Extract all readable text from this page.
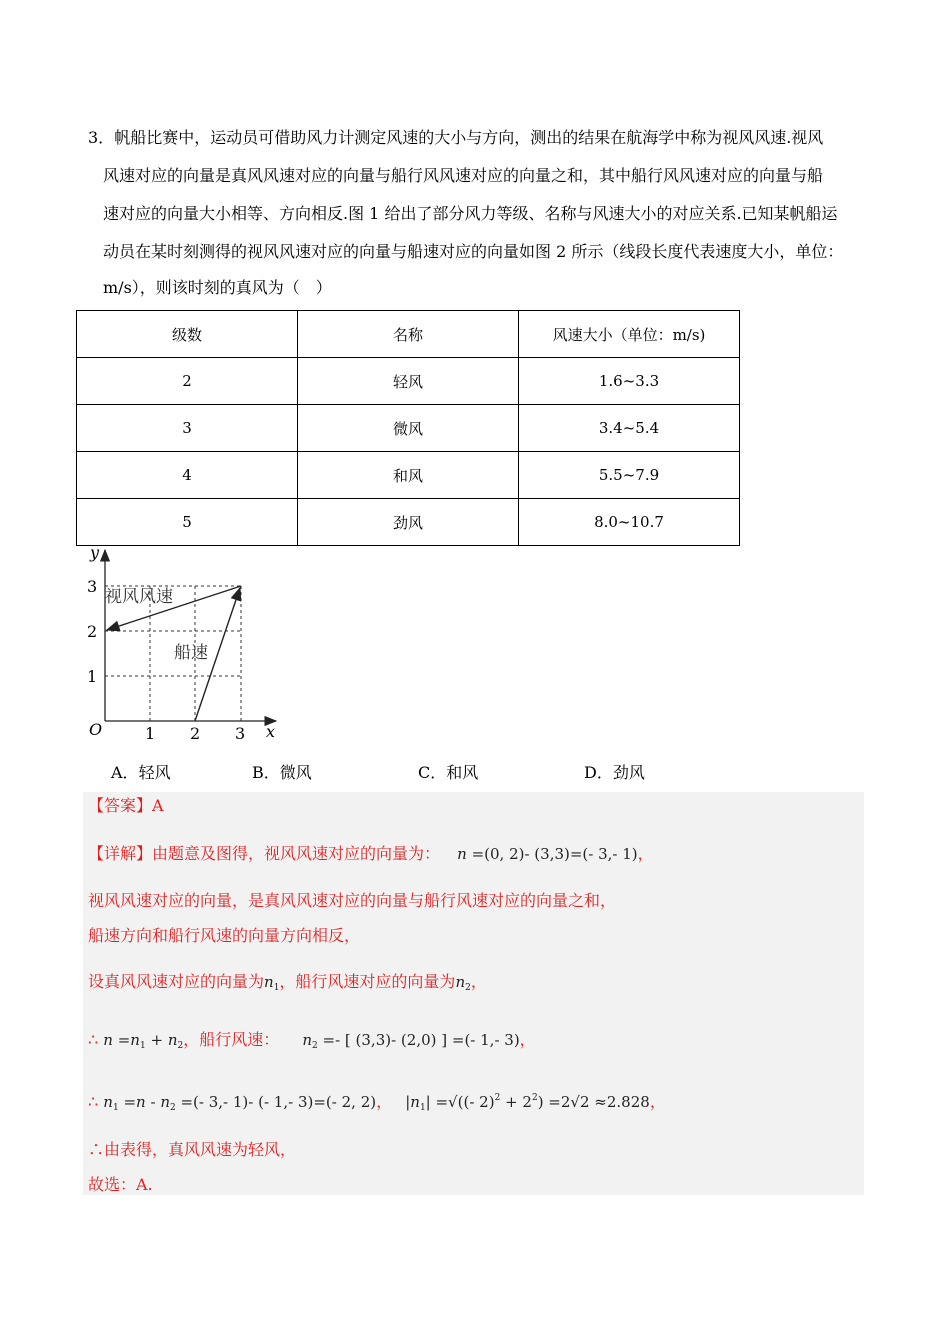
3．帆船比赛中，运动员可借助风力计测定风速的大小与方向，测出的结果在航海学中称为视风风速.视风
风速对应的向量是真风风速对应的向量与船行风风速对应的向量之和，其中船行风风速对应的向量与船
速对应的向量大小相等、方向相反.图 1 给出了部分风力等级、名称与风速大小的对应关系.已知某帆船运
动员在某时刻测得的视风风速对应的向量与船速对应的向量如图 2 所示（线段长度代表速度大小，单位：
m/s），则该时刻的真风为（　）
级数	名称	风速大小（单位：m/s)
2	轻风	1.6~3.3
3	微风	3.4~5.4
4	和风	5.5~7.9
5	劲风	8.0~10.7
y
x
O	1 2 3
1
2
3
视风风速
船速
A．轻风	B．微风	C．和风	D．劲风
【答案】A
【详解】由题意及图得，视风风速对应的向量为： n =(0, 2)- (3,3)=(- 3,- 1)，
视风风速对应的向量，是真风风速对应的向量与船行风速对应的向量之和，
船速方向和船行风速的向量方向相反，
设真风风速对应的向量为$n_1$，船行风速对应的向量为$n_2$，
∴ $n =n_1 + n_2$，船行风速： $n_2$ =- [ (3,3)- (2,0) ] =(- 1,- 3)，
∴ $n_1 =n - n_2$ =(- 3,- 1)- (- 1,- 3)=(- 2, 2)， $|n_1|$ =√((- $2)^2 + 2^2) =2√2 \approx 2.828$，
∴由表得，真风风速为轻风，
故选：A.
